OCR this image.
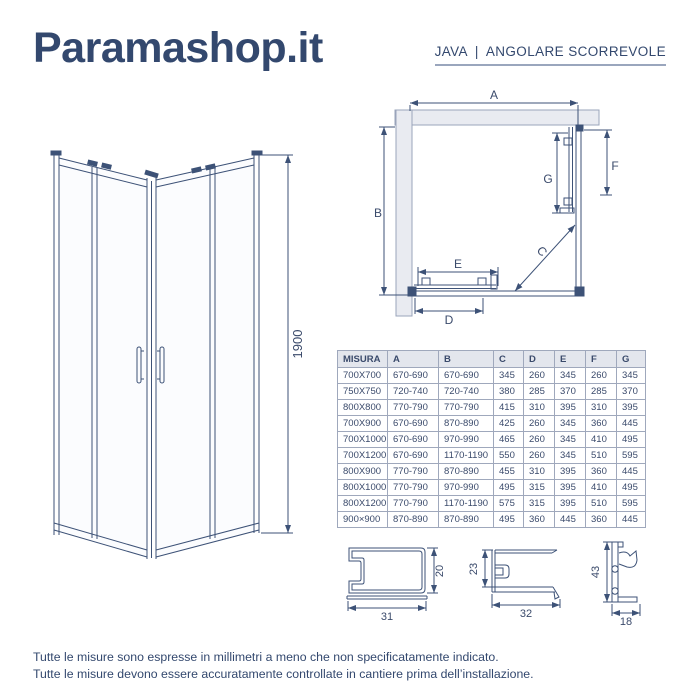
Paramashop.it	JAVA | ANGOLARE SCORREVOLE
1900
A
B
C
D
E
F
G
MISURA	A	B	C	D	E	F	G
700X700	670-690	670-690	345	260	345	260	345
750X750	720-740	720-740	380	285	370	285	370
800X800	770-790	770-790	415	310	395	310	395
700X900	670-690	870-890	425	260	345	360	445
700X1000	670-690	970-990	465	260	345	410	495
700X1200	670-690	1170-1190	550	260	345	510	595
800X900	770-790	870-890	455	310	395	360	445
800X1000	770-790	970-990	495	315	395	410	495
800X1200	770-790	1170-1190	575	315	395	510	595
900×900	870-890	870-890	495	360	445	360	445
20
31
23
32
43
18
Tutte le misure sono espresse in millimetri a meno che non specificatamente indicato.
Tutte le misure devono essere accuratamente controllate in cantiere prima dell’installazione.
